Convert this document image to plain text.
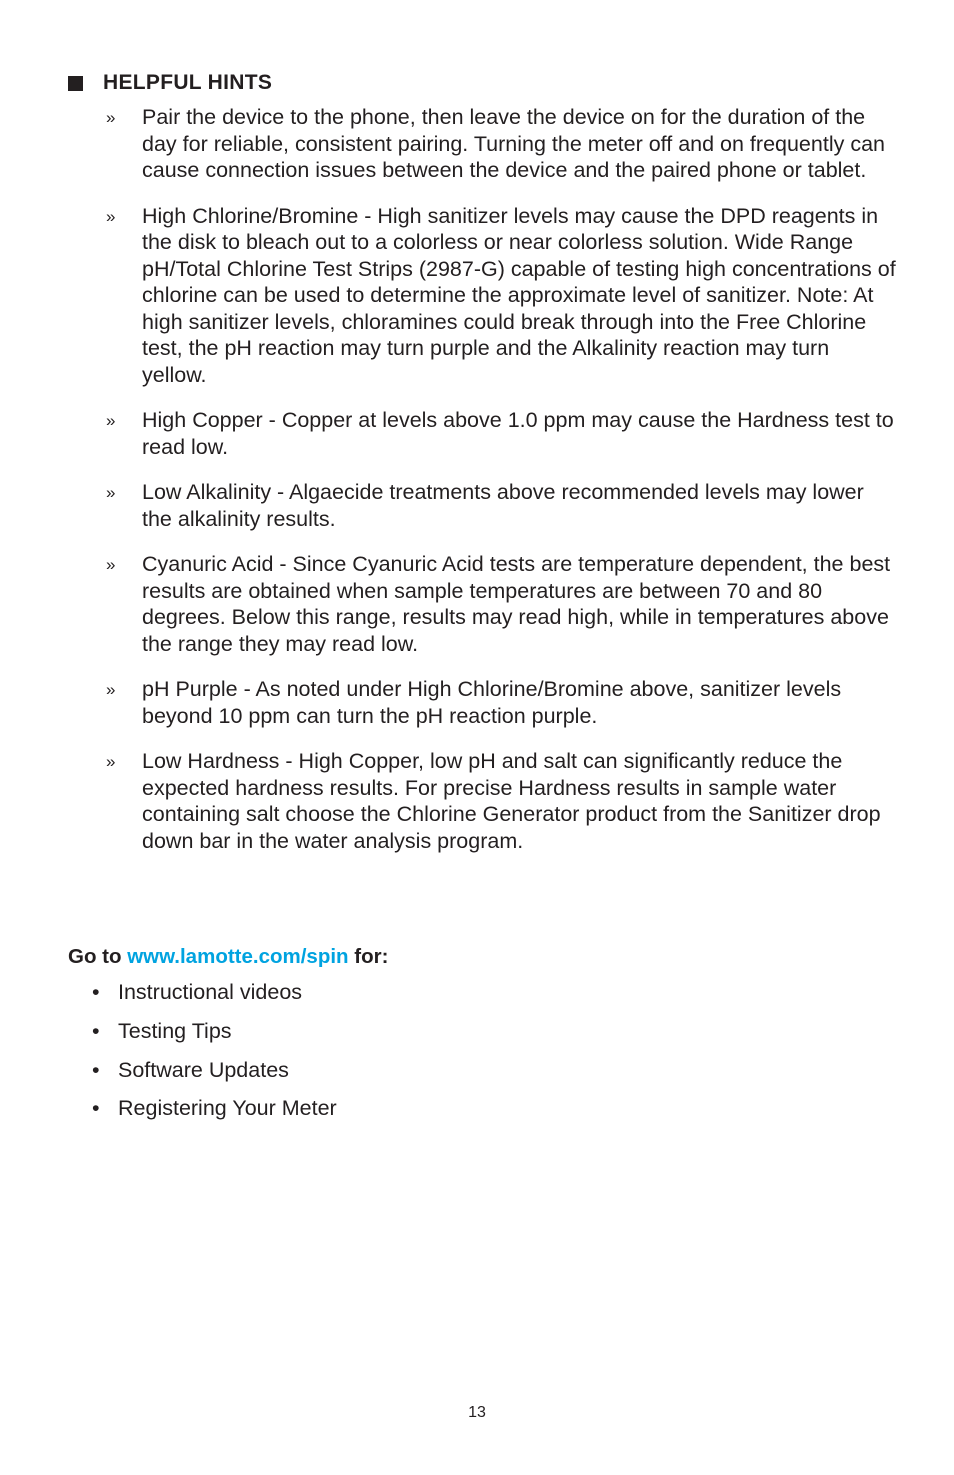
HELPFUL HINTS
»	Pair the device to the phone, then leave the device on for the duration of the day for reliable, consistent pairing. Turning the meter off and on frequently can cause connection issues between the device and the paired phone or tablet.
»	High Chlorine/Bromine - High sanitizer levels may cause the DPD reagents in the disk to bleach out to a colorless or near colorless solution. Wide Range pH/Total Chlorine Test Strips (2987-G) capable of testing high concentrations of chlorine can be used to determine the approximate level of sanitizer. Note: At high sanitizer levels, chloramines could break through into the Free Chlorine test, the pH reaction may turn purple and the Alkalinity reaction may turn yellow.
»	High Copper - Copper at levels above 1.0 ppm may cause the Hardness test to read low.
»	Low Alkalinity - Algaecide treatments above recommended levels may lower the alkalinity results.
»	Cyanuric Acid - Since Cyanuric Acid tests are temperature dependent, the best results are obtained when sample temperatures are between 70 and 80 degrees. Below this range, results may read high, while in temperatures above the range they may read low.
»	pH Purple - As noted under High Chlorine/Bromine above, sanitizer levels beyond 10 ppm can turn the pH reaction purple.
»	Low Hardness - High Copper, low pH and salt can significantly reduce the expected hardness results. For precise Hardness results in sample water containing salt choose the Chlorine Generator product from the Sanitizer drop down bar in the water analysis program.
Go to www.lamotte.com/spin for:
• Instructional videos
• Testing Tips
• Software Updates
• Registering Your Meter
13
